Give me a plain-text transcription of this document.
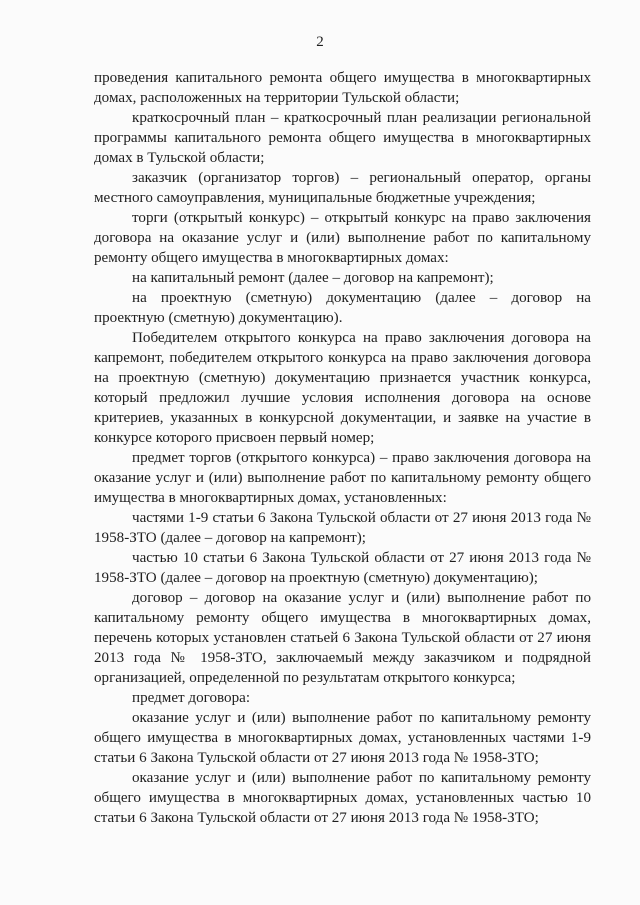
2

проведения капитального ремонта общего имущества в многоквартирных домах, расположенных на территории Тульской области;

краткосрочный план – краткосрочный план реализации региональной программы капитального ремонта общего имущества в многоквартирных домах в Тульской области;

заказчик (организатор торгов) – региональный оператор, органы местного самоуправления, муниципальные бюджетные учреждения;

торги (открытый конкурс) – открытый конкурс на право заключения договора на оказание услуг и (или) выполнение работ по капитальному ремонту общего имущества в многоквартирных домах:

на капитальный ремонт (далее – договор на капремонт);

на проектную (сметную) документацию (далее – договор на проектную (сметную) документацию).

Победителем открытого конкурса на право заключения договора на капремонт, победителем открытого конкурса на право заключения договора на проектную (сметную) документацию признается участник конкурса, который предложил лучшие условия исполнения договора на основе критериев, указанных в конкурсной документации, и заявке на участие в конкурсе которого присвоен первый номер;

предмет торгов (открытого конкурса) – право заключения договора на оказание услуг и (или) выполнение работ по капитальному ремонту общего имущества в многоквартирных домах, установленных:

частями 1-9 статьи 6 Закона Тульской области от 27 июня 2013 года № 1958-ЗТО (далее – договор на капремонт);

частью 10 статьи 6 Закона Тульской области от 27 июня 2013 года № 1958-ЗТО (далее – договор на проектную (сметную) документацию);

договор – договор на оказание услуг и (или) выполнение работ по капитальному ремонту общего имущества в многоквартирных домах, перечень которых установлен статьей 6 Закона Тульской области от 27 июня 2013 года № 1958-ЗТО, заключаемый между заказчиком и подрядной организацией, определенной по результатам открытого конкурса;

предмет договора:

оказание услуг и (или) выполнение работ по капитальному ремонту общего имущества в многоквартирных домах, установленных частями 1-9 статьи 6 Закона Тульской области от 27 июня 2013 года № 1958-ЗТО;

оказание услуг и (или) выполнение работ по капитальному ремонту общего имущества в многоквартирных домах, установленных частью 10 статьи 6 Закона Тульской области от 27 июня 2013 года № 1958-ЗТО;
